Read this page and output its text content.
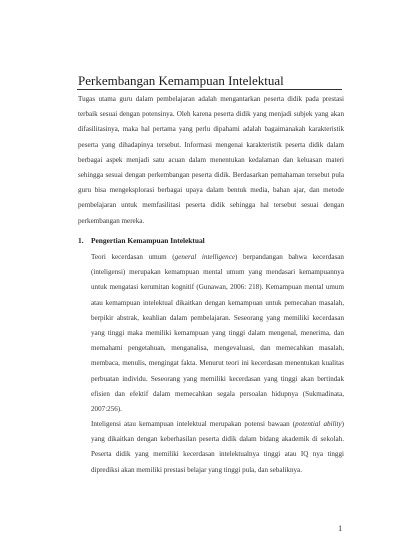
Perkembangan Kemampuan Intelektual

Tugas utama guru dalam pembelajaran adalah mengantarkan peserta didik pada prestasi terbaik sesuai dengan potensinya. Oleh karena peserta didik yang menjadi subjek yang akan difasilitasinya, maka hal pertama yang perlu dipahami adalah bagaimanakah karakteristik peserta yang dihadapinya tersebut. Informasi mengenai karakteristik peserta didik dalam berbagai aspek menjadi satu acuan dalam menentukan kedalaman dan keluasan materi sehingga sesuai dengan perkembangan peserta didik. Berdasarkan pemahaman tersebut pula guru bisa mengeksplorasi berbagai upaya dalam bentuk media, bahan ajar, dan metode pembelajaran untuk memfasilitasi peserta didik sehingga hal tersebut sesuai dengan perkembangan mereka.

1. Pengertian Kemampuan Intelektual

Teori kecerdasan umum (general intelligence) berpandangan bahwa kecerdasan (inteligensi) merupakan kemampuan mental umum yang mendasari kemampuannya untuk mengatasi kerumitan kognitif (Gunawan, 2006: 218). Kemampuan mental umum atau kemampuan intelektual dikaitkan dengan kemampuan untuk pemecahan masalah, berpikir abstrak, keahlian dalam pembelajaran. Seseorang yang memiliki kecerdasan yang tinggi maka memiliki kemampuan yang tinggi dalam mengenal, menerima, dan memahami pengetahuan, menganalisa, mengevaluasi, dan memecahkan masalah, membaca, menulis, mengingat fakta. Menurut teori ini kecerdasan menentukan kualitas perbuatan individu. Seseorang yang memiliki kecerdasan yang tinggi akan bertindak efisien dan efektif dalam memecahkan segala persoalan hidupnya (Sukmadinata, 2007:256).

Inteligensi atau kemampuan intelektual merupakan potensi bawaan (potential ability) yang dikaitkan dengan keberhasilan peserta didik dalam bidang akademik di sekolah. Peserta didik yang memiliki kecerdasan intelektualnya tinggi atau IQ nya tinggi diprediksi akan memiliki prestasi belajar yang tinggi pula, dan sebaliknya.

1
